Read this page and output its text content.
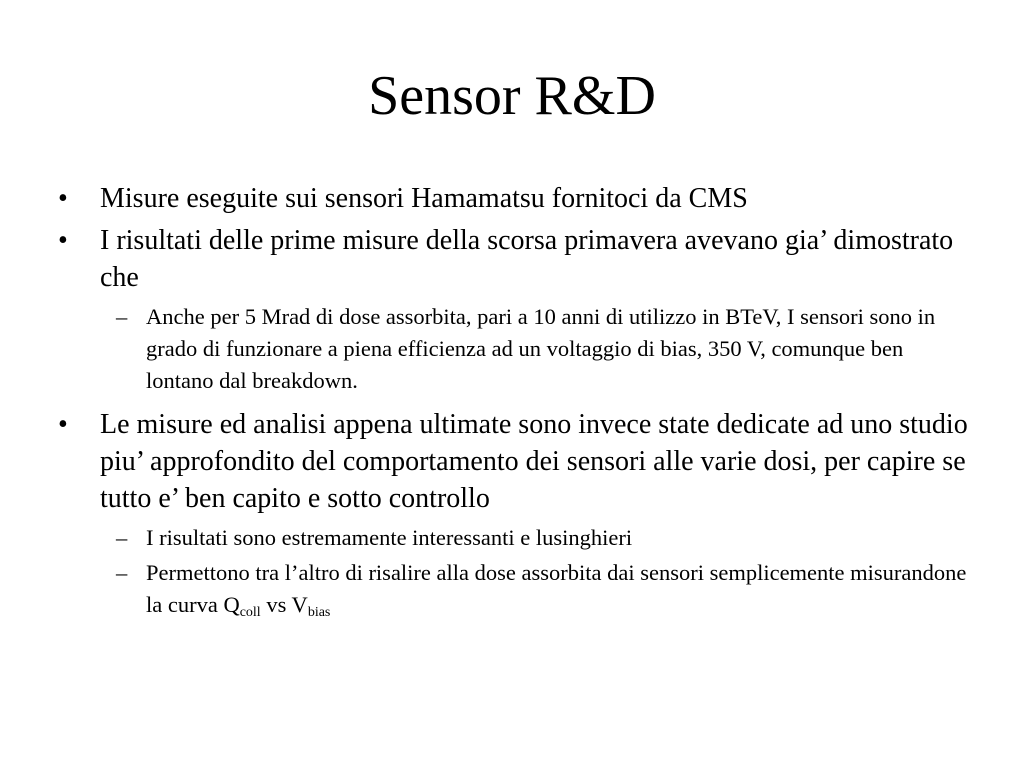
Sensor R&D
•	Misure eseguite sui sensori Hamamatsu fornitoci da CMS
•	I risultati delle prime misure della scorsa primavera avevano gia’ dimostrato che
– Anche per 5 Mrad di dose assorbita, pari a 10 anni di utilizzo in BTeV, I sensori sono in grado di funzionare a piena efficienza ad un voltaggio di bias, 350 V, comunque ben lontano dal breakdown.
•	Le misure ed analisi appena ultimate sono invece state dedicate ad uno studio piu’ approfondito del comportamento dei sensori alle varie dosi, per capire se tutto e’ ben capito e sotto controllo
– I risultati sono estremamente interessanti e lusinghieri
– Permettono tra l’altro di risalire alla dose assorbita dai sensori semplicemente misurandone la curva $Q_{coll}$ vs $V_{bias}$
